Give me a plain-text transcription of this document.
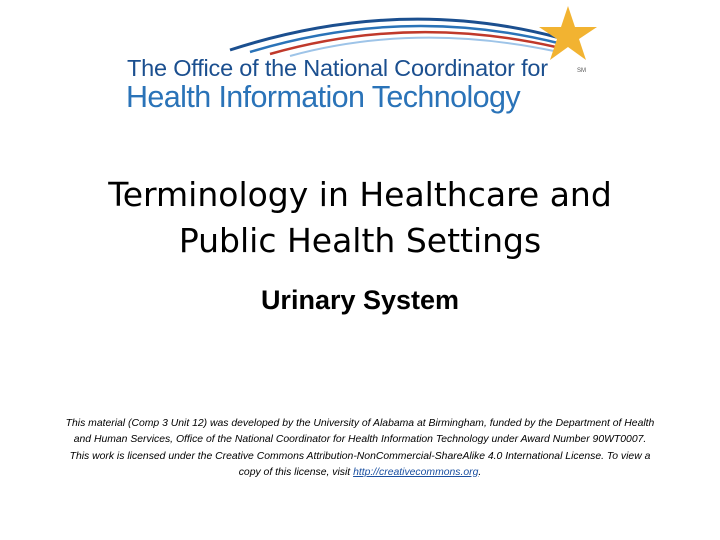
The Office of the National Coordinator for

Health Information Technology

SM
Terminology in Healthcare and
Public Health Settings
Urinary System

This material (Comp 3 Unit 12) was developed by the University of Alabama at Birmingham, funded by the Department of Health and Human Services, Office of the National Coordinator for Health Information Technology under Award Number 90WT0007.

This work is licensed under the Creative Commons Attribution-NonCommercial-ShareAlike 4.0 International License. To view a copy of this license, visit http://creativecommons.org.
